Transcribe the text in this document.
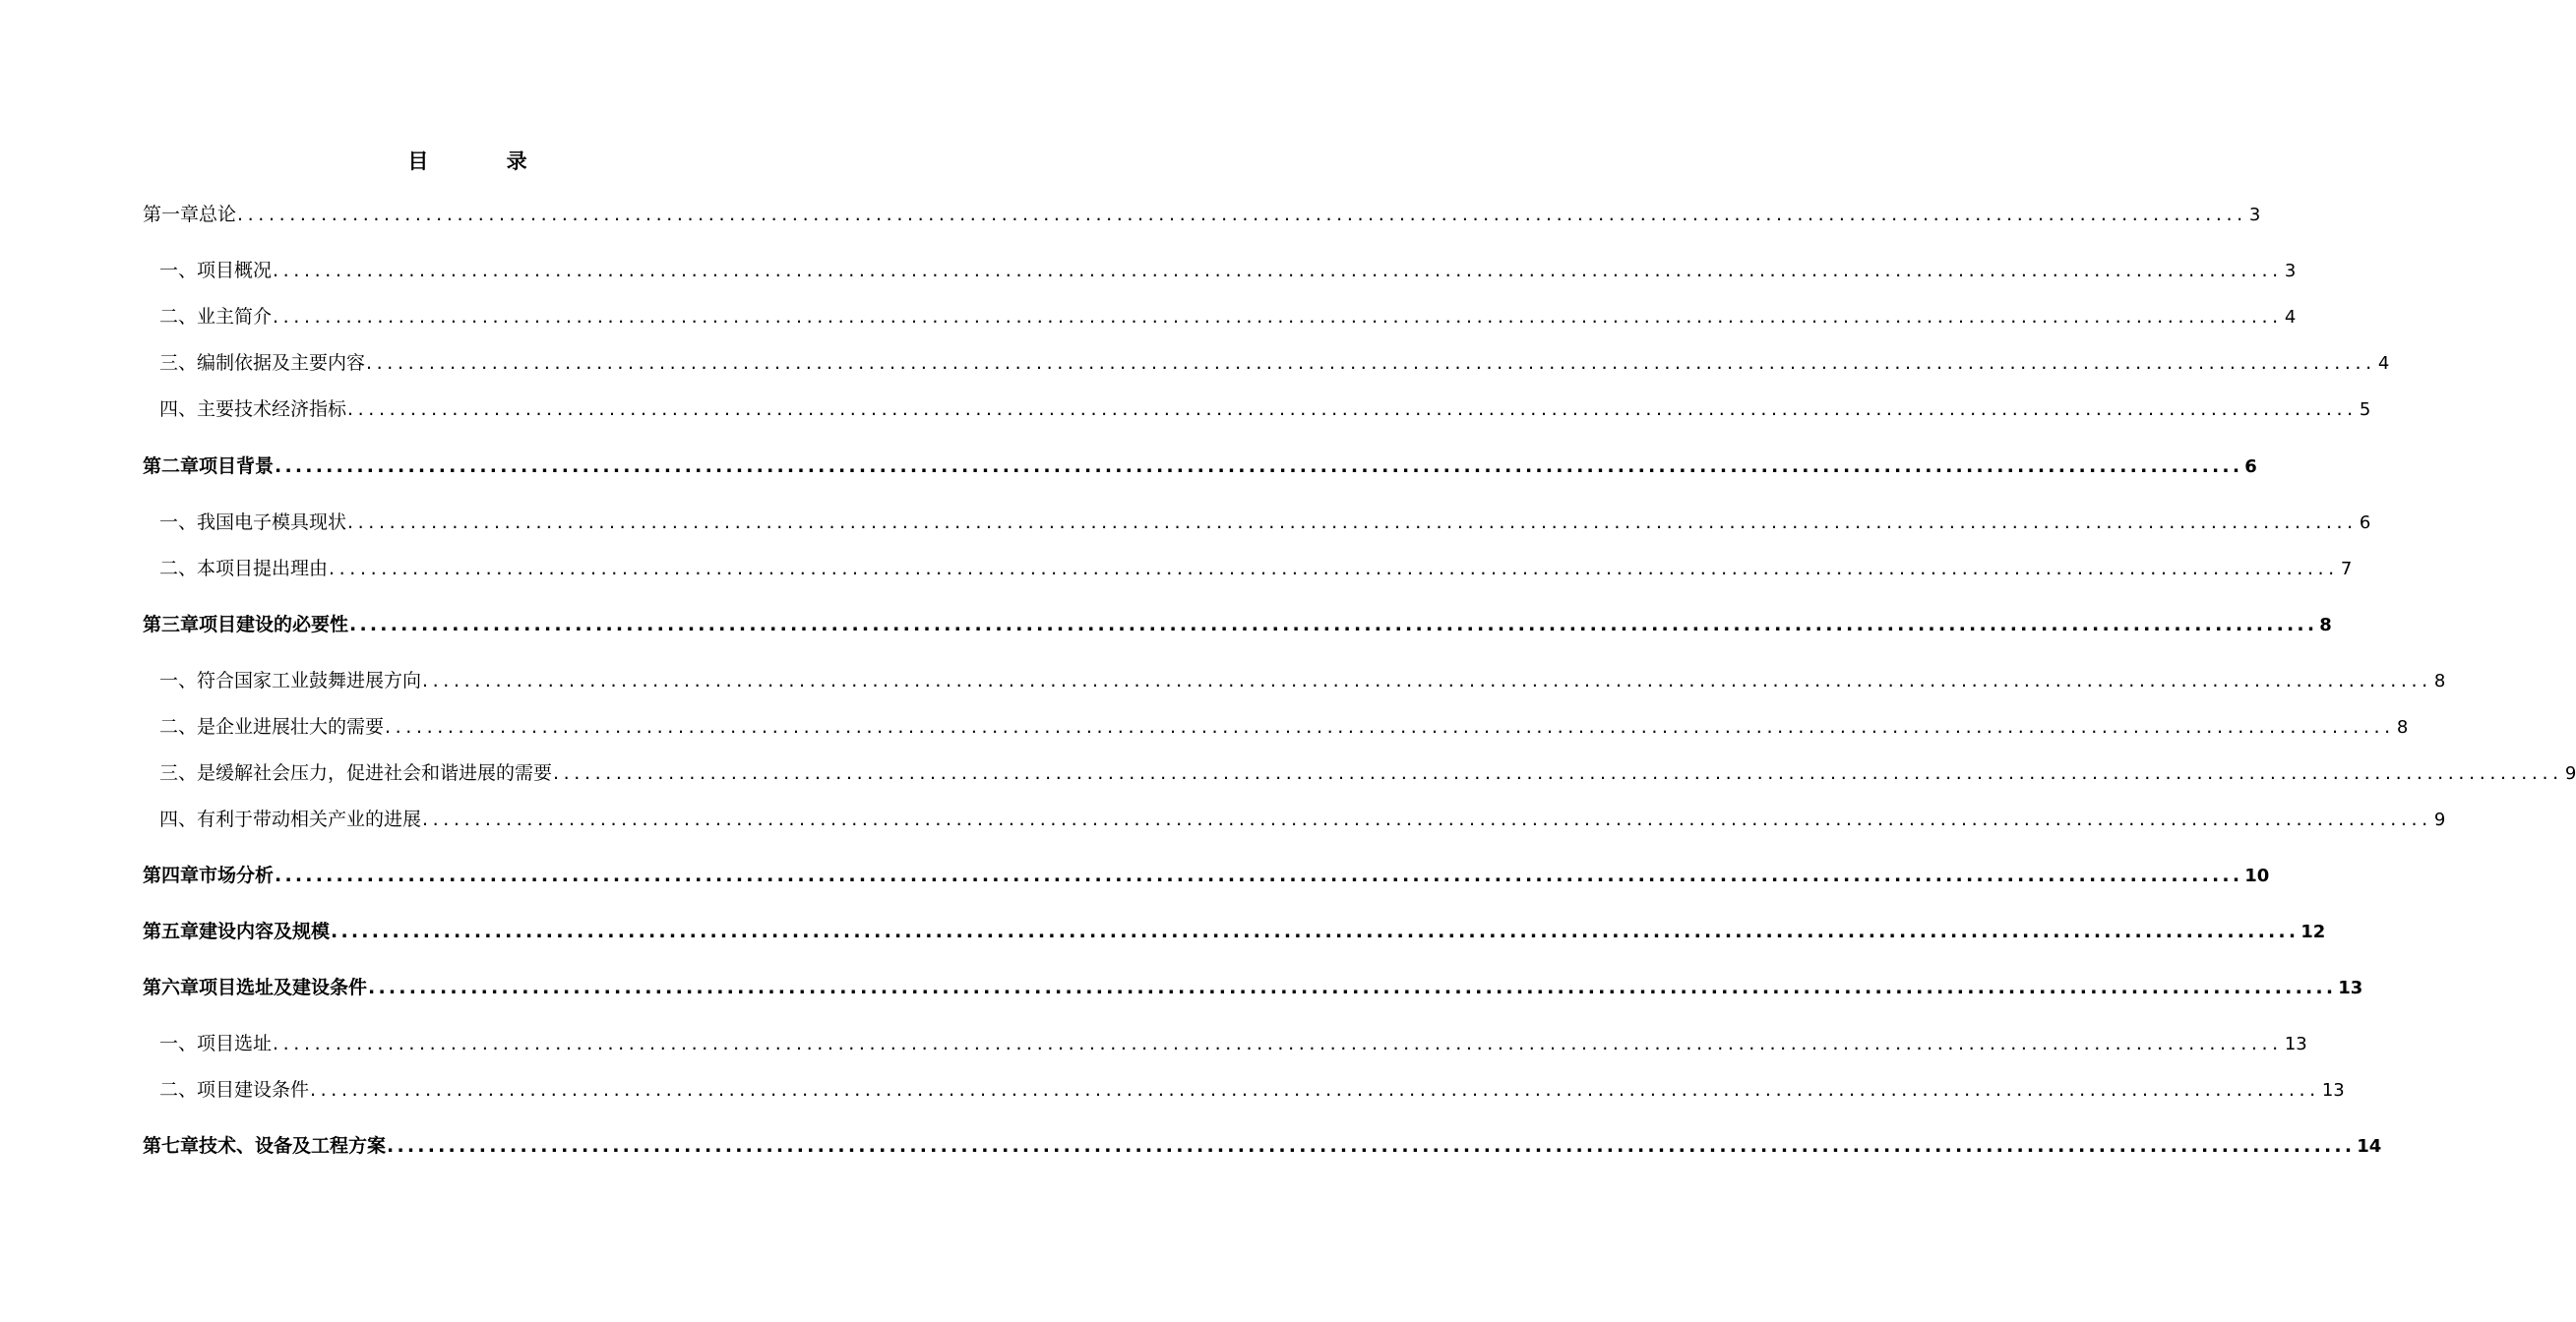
目 录
第一章 总论 ................................................................................................................................................................................................ 3
一、 项目概况 ................................................................................................................................................................................................ 3
二、 业主简介 ................................................................................................................................................................................................ 4
三、 编制依据及主要内容 ................................................................................................................................................................................................ 4
四、 主要技术经济指标 ................................................................................................................................................................................................ 5
第二章 项目背景 ................................................................................................................................................................................................ 6
一、 我国电子模具现状 ................................................................................................................................................................................................ 6
二、 本项目提出理由 ................................................................................................................................................................................................ 7
第三章 项目建设的必要性 ................................................................................................................................................................................................ 8
一、 符合国家工业鼓舞进展方向 ................................................................................................................................................................................................ 8
二、 是企业进展壮大的需要 ................................................................................................................................................................................................ 8
三、 是缓解社会压力，促进社会和谐进展的需要 ................................................................................................................................................................................................ 9
四、 有利于带动相关产业的进展 ................................................................................................................................................................................................ 9
第四章 市场分析 ................................................................................................................................................................................................ 10
第五章 建设内容及规模 ................................................................................................................................................................................................ 12
第六章 项目选址及建设条件 ................................................................................................................................................................................................ 13
一、 项目选址 ................................................................................................................................................................................................ 13
二、 项目建设条件 ................................................................................................................................................................................................ 13
第七章 技术、设备及工程方案 ................................................................................................................................................................................................ 14
